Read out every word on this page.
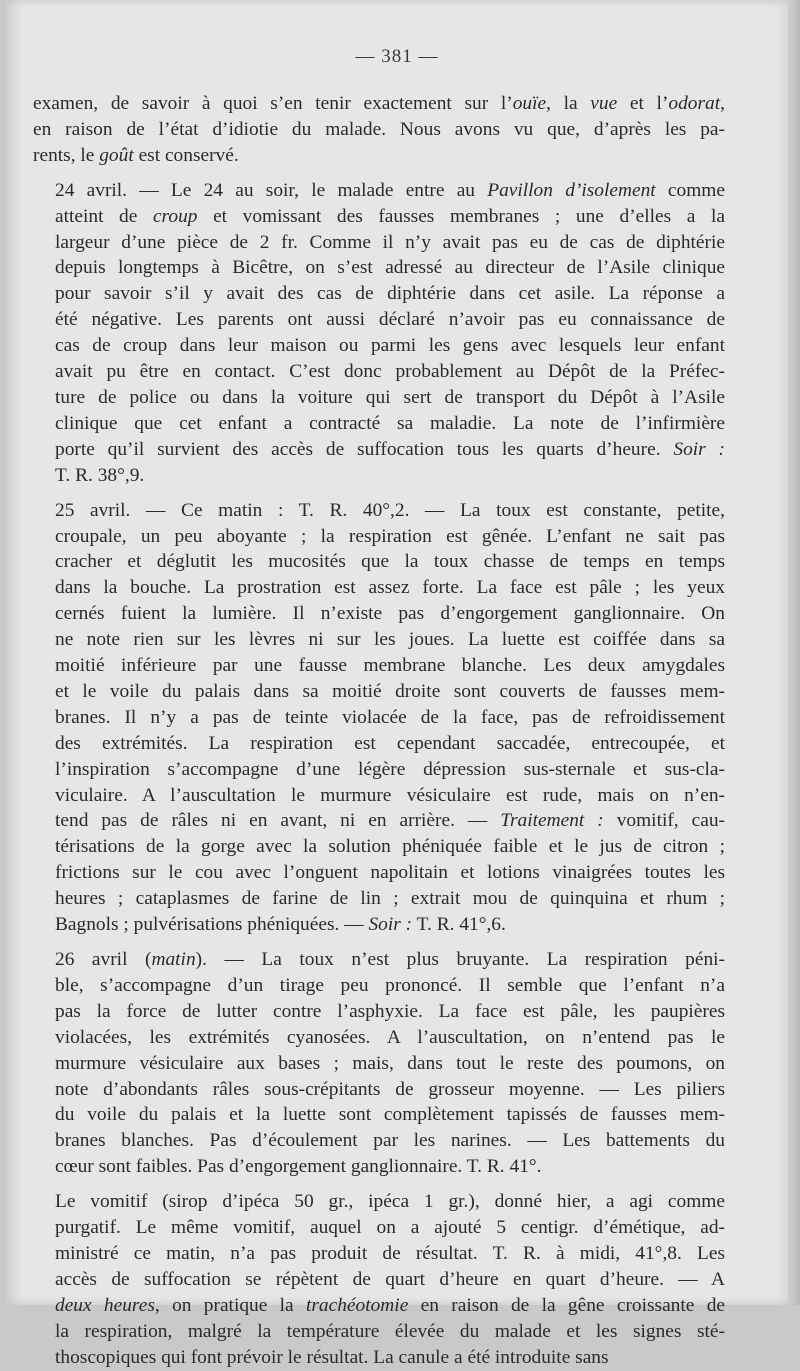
— 381 —
examen, de savoir à quoi s’en tenir exactement sur l’ouïe, la vue et l’odorat,
en raison de l’état d’idiotie du malade. Nous avons vu que, d’après les pa-
rents, le goût est conservé.
24 avril. — Le 24 au soir, le malade entre au Pavillon d’isolement comme
atteint de croup et vomissant des fausses membranes ; une d’elles a la
largeur d’une pièce de 2 fr. Comme il n’y avait pas eu de cas de diphtérie
depuis longtemps à Bicêtre, on s’est adressé au directeur de l’Asile clinique
pour savoir s’il y avait des cas de diphtérie dans cet asile. La réponse a
été négative. Les parents ont aussi déclaré n’avoir pas eu connaissance de
cas de croup dans leur maison ou parmi les gens avec lesquels leur enfant
avait pu être en contact. C’est donc probablement au Dépôt de la Préfec-
ture de police ou dans la voiture qui sert de transport du Dépôt à l’Asile
clinique que cet enfant a contracté sa maladie. La note de l’infirmière
porte qu’il survient des accès de suffocation tous les quarts d’heure. Soir :
T. R. 38°,9.
25 avril. — Ce matin : T. R. 40°,2. — La toux est constante, petite,
croupale, un peu aboyante ; la respiration est gênée. L’enfant ne sait pas
cracher et déglutit les mucosités que la toux chasse de temps en temps
dans la bouche. La prostration est assez forte. La face est pâle ; les yeux
cernés fuient la lumière. Il n’existe pas d’engorgement ganglionnaire. On
ne note rien sur les lèvres ni sur les joues. La luette est coiffée dans sa
moitié inférieure par une fausse membrane blanche. Les deux amygdales
et le voile du palais dans sa moitié droite sont couverts de fausses mem-
branes. Il n’y a pas de teinte violacée de la face, pas de refroidissement
des extrémités. La respiration est cependant saccadée, entrecoupée, et
l’inspiration s’accompagne d’une légère dépression sus-sternale et sus-cla-
viculaire. A l’auscultation le murmure vésiculaire est rude, mais on n’en-
tend pas de râles ni en avant, ni en arrière. — Traitement : vomitif, cau-
térisations de la gorge avec la solution phéniquée faible et le jus de citron ;
frictions sur le cou avec l’onguent napolitain et lotions vinaigrées toutes les
heures ; cataplasmes de farine de lin ; extrait mou de quinquina et rhum ;
Bagnols ; pulvérisations phéniquées. — Soir : T. R. 41°,6.
26 avril (matin). — La toux n’est plus bruyante. La respiration péni-
ble, s’accompagne d’un tirage peu prononcé. Il semble que l’enfant n’a
pas la force de lutter contre l’asphyxie. La face est pâle, les paupières
violacées, les extrémités cyanosées. A l’auscultation, on n’entend pas le
murmure vésiculaire aux bases ; mais, dans tout le reste des poumons, on
note d’abondants râles sous-crépitants de grosseur moyenne. — Les piliers
du voile du palais et la luette sont complètement tapissés de fausses mem-
branes blanches. Pas d’écoulement par les narines. — Les battements du
cœur sont faibles. Pas d’engorgement ganglionnaire. T. R. 41°.
Le vomitif (sirop d’ipéca 50 gr., ipéca 1 gr.), donné hier, a agi comme
purgatif. Le même vomitif, auquel on a ajouté 5 centigr. d’émétique, ad-
ministré ce matin, n’a pas produit de résultat. T. R. à midi, 41°,8. Les
accès de suffocation se répètent de quart d’heure en quart d’heure. — A
deux heures, on pratique la trachéotomie en raison de la gêne croissante de
la respiration, malgré la température élevée du malade et les signes sté-
thoscopiques qui font prévoir le résultat. La canule a été introduite sans
